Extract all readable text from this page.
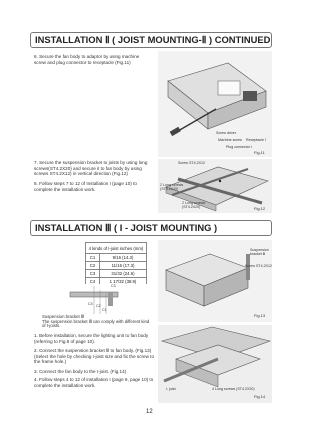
INSTALLATION Ⅱ ( JOIST MOUNTING-Ⅱ ) CONTINUED
6. Secure the fan body to adaptor by using machine screw and plug connector to receptacle (Fig.11)
Screw driver
Machine screw Receptacle I
Plug connector I
Fig.11
7. Secure the suspension bracket to joists by using long screws(ST4.2X20) and secure it to fan body by using screws ST4.2X12) in vertical direction (Fig.12)
8. Follow steps 7 to 12 of Installation I (page 10) to complete the installation work.
Screw ST4.2X12
2 Long screws (ST4.2X20)
2 Long screws (ST4.2X20)	Fig.12
INSTALLATION Ⅲ ( I - JOIST MOUNTING )
4 kinds of I-joist inches (mm)	
C1	9/16 (14.3)
C2	11/16 (17.3)
C3	31/32 (24.6)
C4	1 17/32 (38.9)
C3
C4 C2
C1
Suspension bracket Ⅲ
The suspension bracket Ⅲ can comply with different kind of I-joists.
Suspension bracket Ⅲ
Screw ST4.2X12
Fig.13
1. Before installation, secure the lighting unit to fan body (referring to Fig.8 of page 10).
2. Connect the suspension bracket Ⅲ to fan body. (Fig.13) (Select the hole by checking I-joist size and fix the screw to the frame hole.)
3. Connect the fan body to the I-joist. (Fig.14)
4. Follow steps 4 to 12 of installation I (page 9, page 10) to complete the installation work.
I- joist	4 Long screws (ST4.2X20)
Fig.14
12
